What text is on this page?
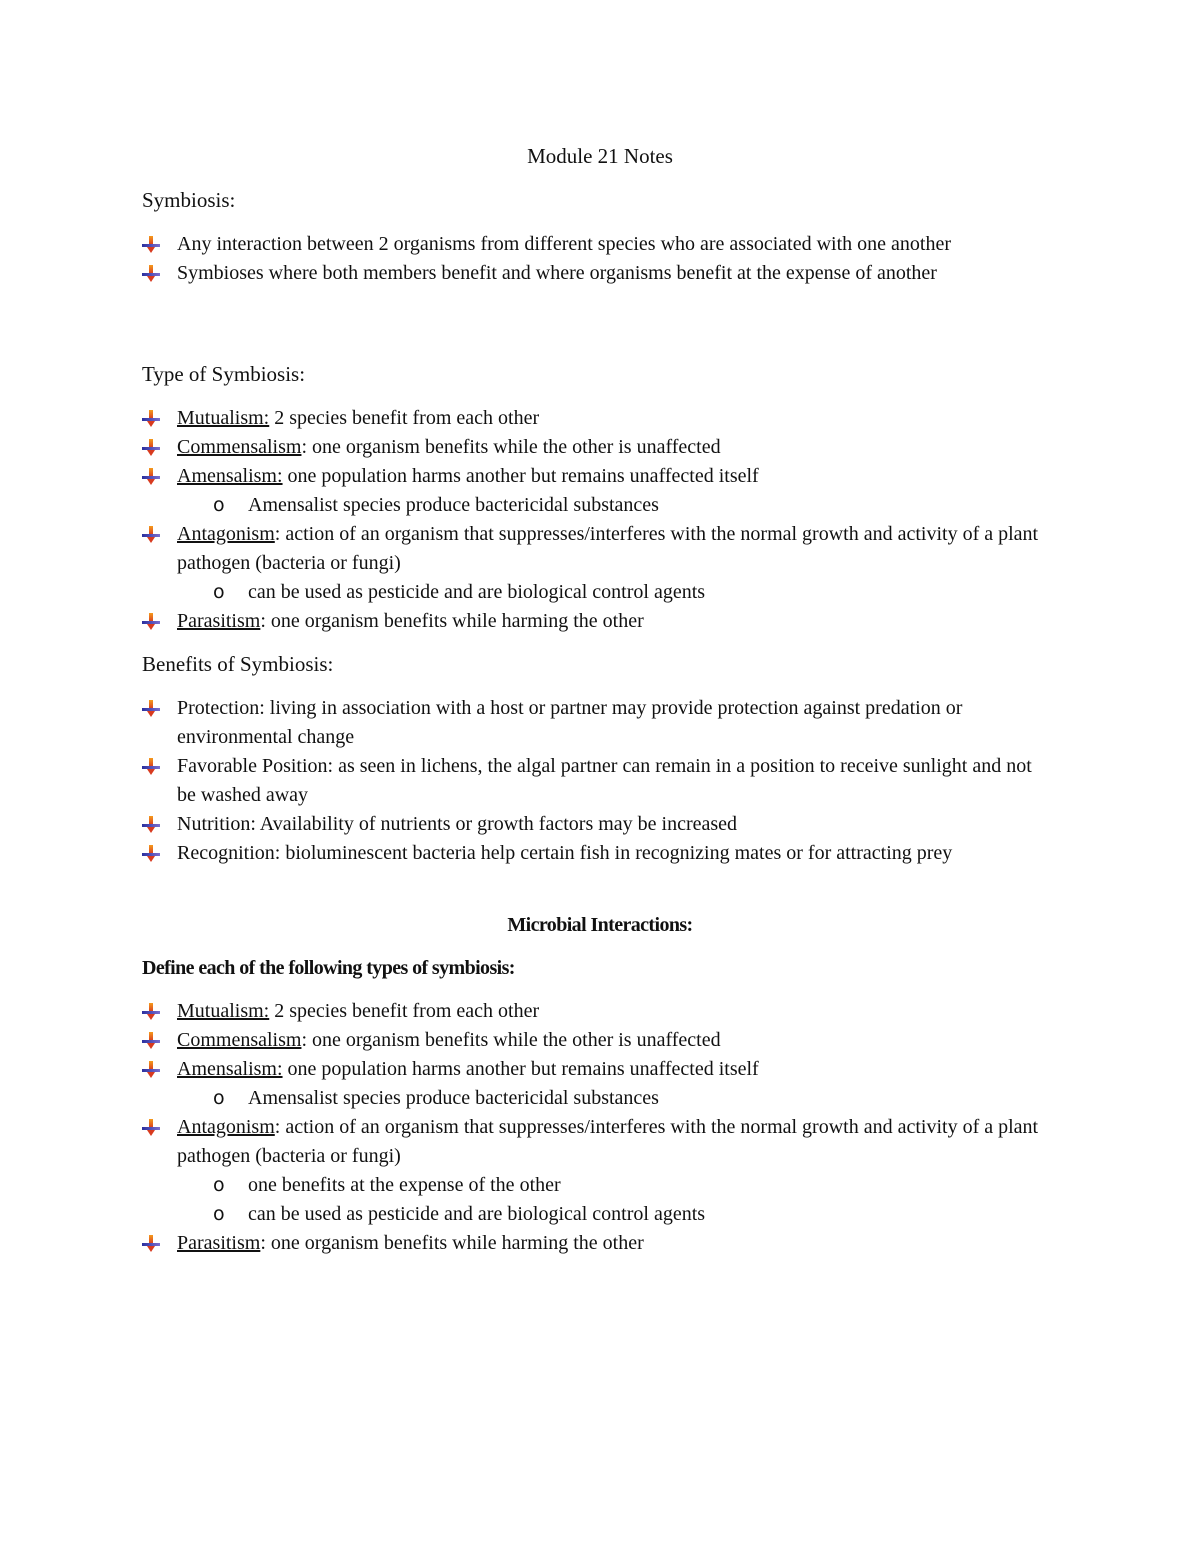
Module 21 Notes
Symbiosis:
Any interaction between 2 organisms from different species who are associated with one another
Symbioses where both members benefit and where organisms benefit at the expense of another
Type of Symbiosis:
Mutualism: 2 species benefit from each other
Commensalism: one organism benefits while the other is unaffected
Amensalism: one population harms another but remains unaffected itself
o Amensalist species produce bactericidal substances
Antagonism: action of an organism that suppresses/interferes with the normal growth and activity of a plant pathogen (bacteria or fungi)
o can be used as pesticide and are biological control agents
Parasitism: one organism benefits while harming the other
Benefits of Symbiosis:
Protection: living in association with a host or partner may provide protection against predation or environmental change
Favorable Position: as seen in lichens, the algal partner can remain in a position to receive sunlight and not be washed away
Nutrition: Availability of nutrients or growth factors may be increased
Recognition: bioluminescent bacteria help certain fish in recognizing mates or for attracting prey
Microbial Interactions:
Define each of the following types of symbiosis:
Mutualism: 2 species benefit from each other
Commensalism: one organism benefits while the other is unaffected
Amensalism: one population harms another but remains unaffected itself
o Amensalist species produce bactericidal substances
Antagonism: action of an organism that suppresses/interferes with the normal growth and activity of a plant pathogen (bacteria or fungi)
o one benefits at the expense of the other
o can be used as pesticide and are biological control agents
Parasitism: one organism benefits while harming the other
